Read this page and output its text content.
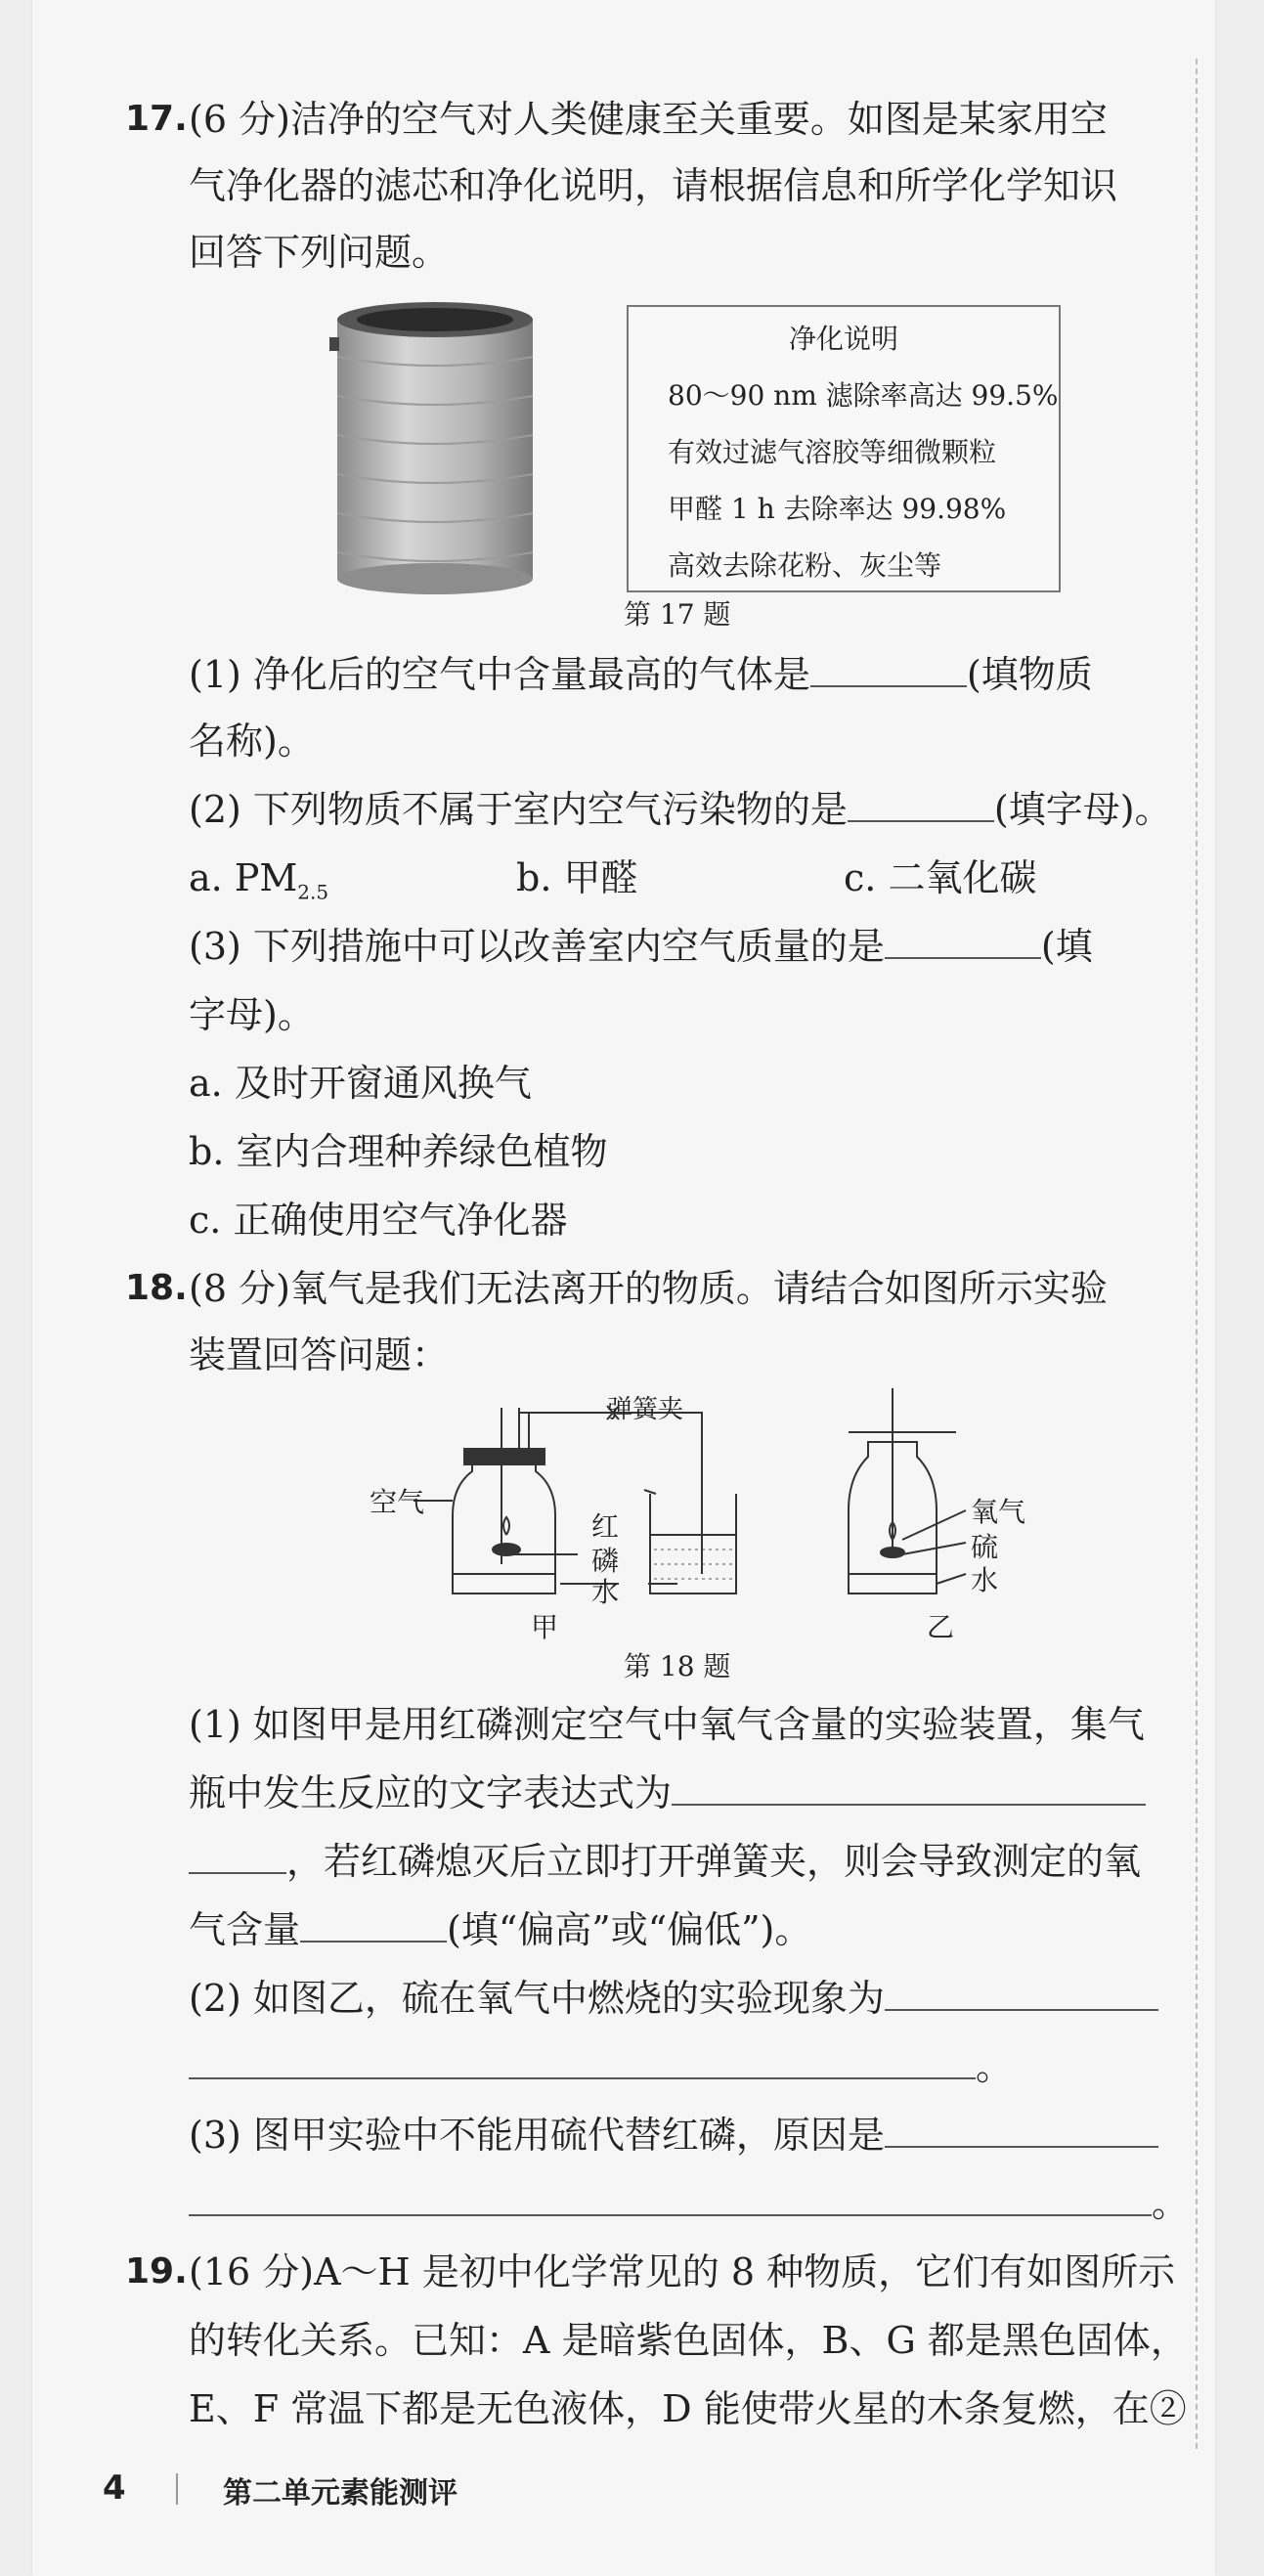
17. (6 分)洁净的空气对人类健康至关重要。如图是某家用空
气净化器的滤芯和净化说明，请根据信息和所学化学知识
回答下列问题。
净化说明
80～90 nm 滤除率高达 99.5%
有效过滤气溶胶等细微颗粒
甲醛 1 h 去除率达 99.98%
高效去除花粉、灰尘等
第 17 题
(1) 净化后的空气中含量最高的气体是	(填物质
名称)。
(2) 下列物质不属于室内空气污染物的是	(填字母)。
a. $PM_{2.5}$	b. 甲醛	c. 二氧化碳
(3) 下列措施中可以改善室内空气质量的是	(填
字母)。
a. 及时开窗通风换气
b. 室内合理种养绿色植物
c. 正确使用空气净化器
18. (8 分)氧气是我们无法离开的物质。请结合如图所示实验
装置回答问题：
弹簧夹
空气
红
磷
水
甲
氧气
硫
水
乙
第 18 题
(1) 如图甲是用红磷测定空气中氧气含量的实验装置，集气
瓶中发生反应的文字表达式为
，若红磷熄灭后立即打开弹簧夹，则会导致测定的氧
气含量	(填“偏高”或“偏低”)。
(2) 如图乙，硫在氧气中燃烧的实验现象为
。
(3) 图甲实验中不能用硫代替红磷，原因是
。
19. (16 分)A～H 是初中化学常见的 8 种物质，它们有如图所示
的转化关系。已知：A 是暗紫色固体，B、G 都是黑色固体，
E、F 常温下都是无色液体，D 能使带火星的木条复燃，在②
4	第二单元素能测评
